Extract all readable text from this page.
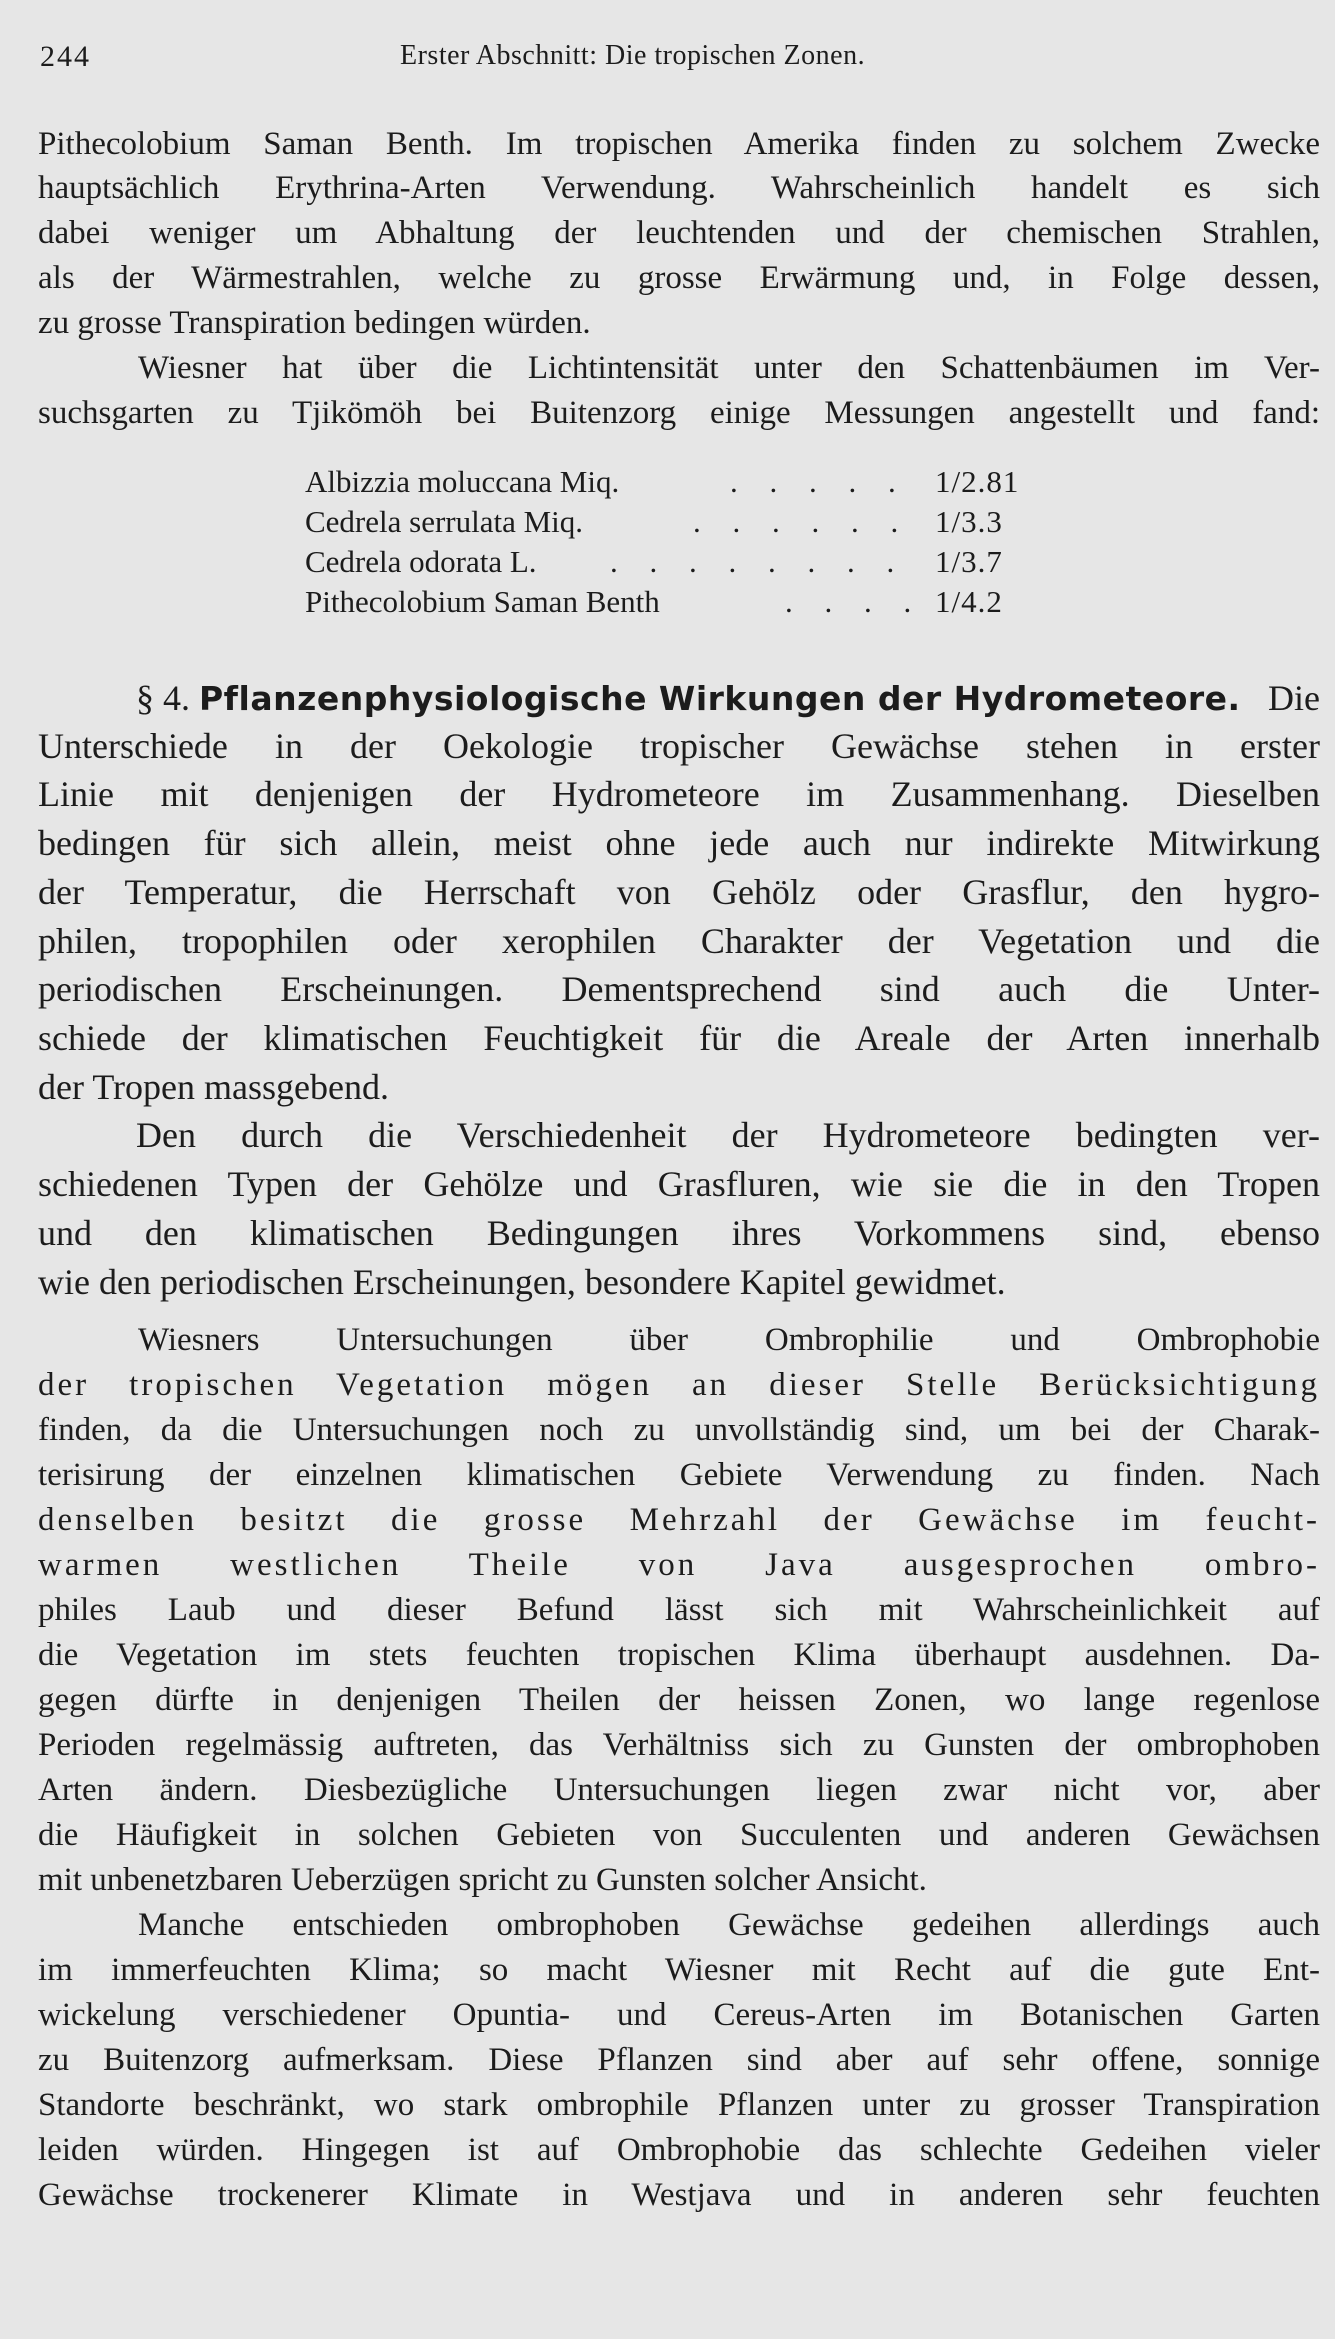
244	Erster Abschnitt: Die tropischen Zonen.
Pithecolobium Saman Benth. Im tropischen Amerika finden zu solchem Zwecke
hauptsächlich Erythrina-Arten Verwendung. Wahrscheinlich handelt es sich
dabei weniger um Abhaltung der leuchtenden und der chemischen Strahlen,
als der Wärmestrahlen, welche zu grosse Erwärmung und, in Folge dessen,
zu grosse Transpiration bedingen würden.
Wiesner hat über die Lichtintensität unter den Schattenbäumen im Ver-
suchsgarten zu Tjikömöh bei Buitenzorg einige Messungen angestellt und fand:
Albizzia moluccana Miq.	. . . . . 1/2.81
Cedrela serrulata Miq.	. . . . . . 1/3.3
Cedrela odorata L. . . . . . . . . 1/3.7
Pithecolobium Saman Benth	. . . . 1/4.2
§ 4. Pflanzenphysiologische Wirkungen der Hydrometeore. Die
Unterschiede in der Oekologie tropischer Gewächse stehen in erster
Linie mit denjenigen der Hydrometeore im Zusammenhang. Dieselben
bedingen für sich allein, meist ohne jede auch nur indirekte Mitwirkung
der Temperatur, die Herrschaft von Gehölz oder Grasflur, den hygro-
philen, tropophilen oder xerophilen Charakter der Vegetation und die
periodischen Erscheinungen. Dementsprechend sind auch die Unter-
schiede der klimatischen Feuchtigkeit für die Areale der Arten innerhalb
der Tropen massgebend.
Den durch die Verschiedenheit der Hydrometeore bedingten ver-
schiedenen Typen der Gehölze und Grasfluren, wie sie die in den Tropen
und den klimatischen Bedingungen ihres Vorkommens sind, ebenso
wie den periodischen Erscheinungen, besondere Kapitel gewidmet.
Wiesners Untersuchungen über Ombrophilie und Ombrophobie
der tropischen Vegetation mögen an dieser Stelle Berücksichtigung
finden, da die Untersuchungen noch zu unvollständig sind, um bei der Charak-
terisirung der einzelnen klimatischen Gebiete Verwendung zu finden. Nach
denselben besitzt die grosse Mehrzahl der Gewächse im feucht-
warmen westlichen Theile von Java ausgesprochen ombro-
philes Laub und dieser Befund lässt sich mit Wahrscheinlichkeit auf
die Vegetation im stets feuchten tropischen Klima überhaupt ausdehnen. Da-
gegen dürfte in denjenigen Theilen der heissen Zonen, wo lange regenlose
Perioden regelmässig auftreten, das Verhältniss sich zu Gunsten der ombrophoben
Arten ändern. Diesbezügliche Untersuchungen liegen zwar nicht vor, aber
die Häufigkeit in solchen Gebieten von Succulenten und anderen Gewächsen
mit unbenetzbaren Ueberzügen spricht zu Gunsten solcher Ansicht.
Manche entschieden ombrophoben Gewächse gedeihen allerdings auch
im immerfeuchten Klima; so macht Wiesner mit Recht auf die gute Ent-
wickelung verschiedener Opuntia- und Cereus-Arten im Botanischen Garten
zu Buitenzorg aufmerksam. Diese Pflanzen sind aber auf sehr offene, sonnige
Standorte beschränkt, wo stark ombrophile Pflanzen unter zu grosser Transpiration
leiden würden. Hingegen ist auf Ombrophobie das schlechte Gedeihen vieler
Gewächse trockenerer Klimate in Westjava und in anderen sehr feuchten
